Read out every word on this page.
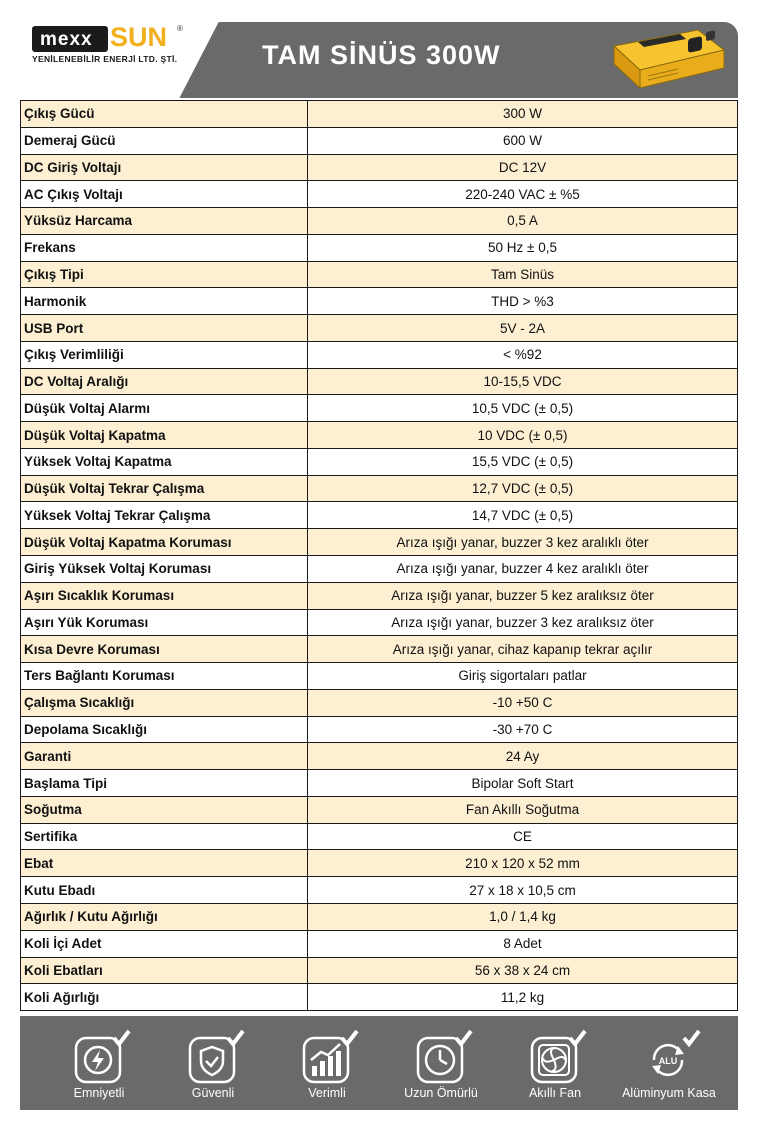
mexx SUN ®
YENİLENEBİLİR ENERJİ LTD. ŞTİ.	TAM SİNÜS 300W
Çıkış Gücü	300 W
Demeraj Gücü	600 W
DC Giriş Voltajı	DC 12V
AC Çıkış Voltajı	220-240 VAC ± %5
Yüksüz Harcama	0,5 A
Frekans	50 Hz ± 0,5
Çıkış Tipi	Tam Sinüs
Harmonik	THD > %3
USB Port	5V - 2A
Çıkış Verimliliği	< %92
DC Voltaj Aralığı	10-15,5 VDC
Düşük Voltaj Alarmı	10,5 VDC (± 0,5)
Düşük Voltaj Kapatma	10 VDC (± 0,5)
Yüksek Voltaj Kapatma	15,5 VDC (± 0,5)
Düşük Voltaj Tekrar Çalışma	12,7 VDC (± 0,5)
Yüksek Voltaj Tekrar Çalışma	14,7 VDC (± 0,5)
Düşük Voltaj Kapatma Koruması	Arıza ışığı yanar, buzzer 3 kez aralıklı öter
Giriş Yüksek Voltaj Koruması	Arıza ışığı yanar, buzzer 4 kez aralıklı öter
Aşırı Sıcaklık Koruması	Arıza ışığı yanar, buzzer 5 kez aralıksız öter
Aşırı Yük Koruması	Arıza ışığı yanar, buzzer 3 kez aralıksız öter
Kısa Devre Koruması	Arıza ışığı yanar, cihaz kapanıp tekrar açılır
Ters Bağlantı Koruması	Giriş sigortaları patlar
Çalışma Sıcaklığı	-10 +50 C
Depolama Sıcaklığı	-30 +70 C
Garanti	24 Ay
Başlama Tipi	Bipolar Soft Start
Soğutma	Fan Akıllı Soğutma
Sertifika	CE
Ebat	210 x 120 x 52 mm
Kutu Ebadı	27 x 18 x 10,5 cm
Ağırlık / Kutu Ağırlığı	1,0 / 1,4 kg
Koli İçi Adet	8 Adet
Koli Ebatları	56 x 38 x 24 cm
Koli Ağırlığı	11,2 kg
Emniyetli	Güvenli	Verimli	Uzun Ömürlü	Akıllı Fan
ALU
Alüminyum Kasa
